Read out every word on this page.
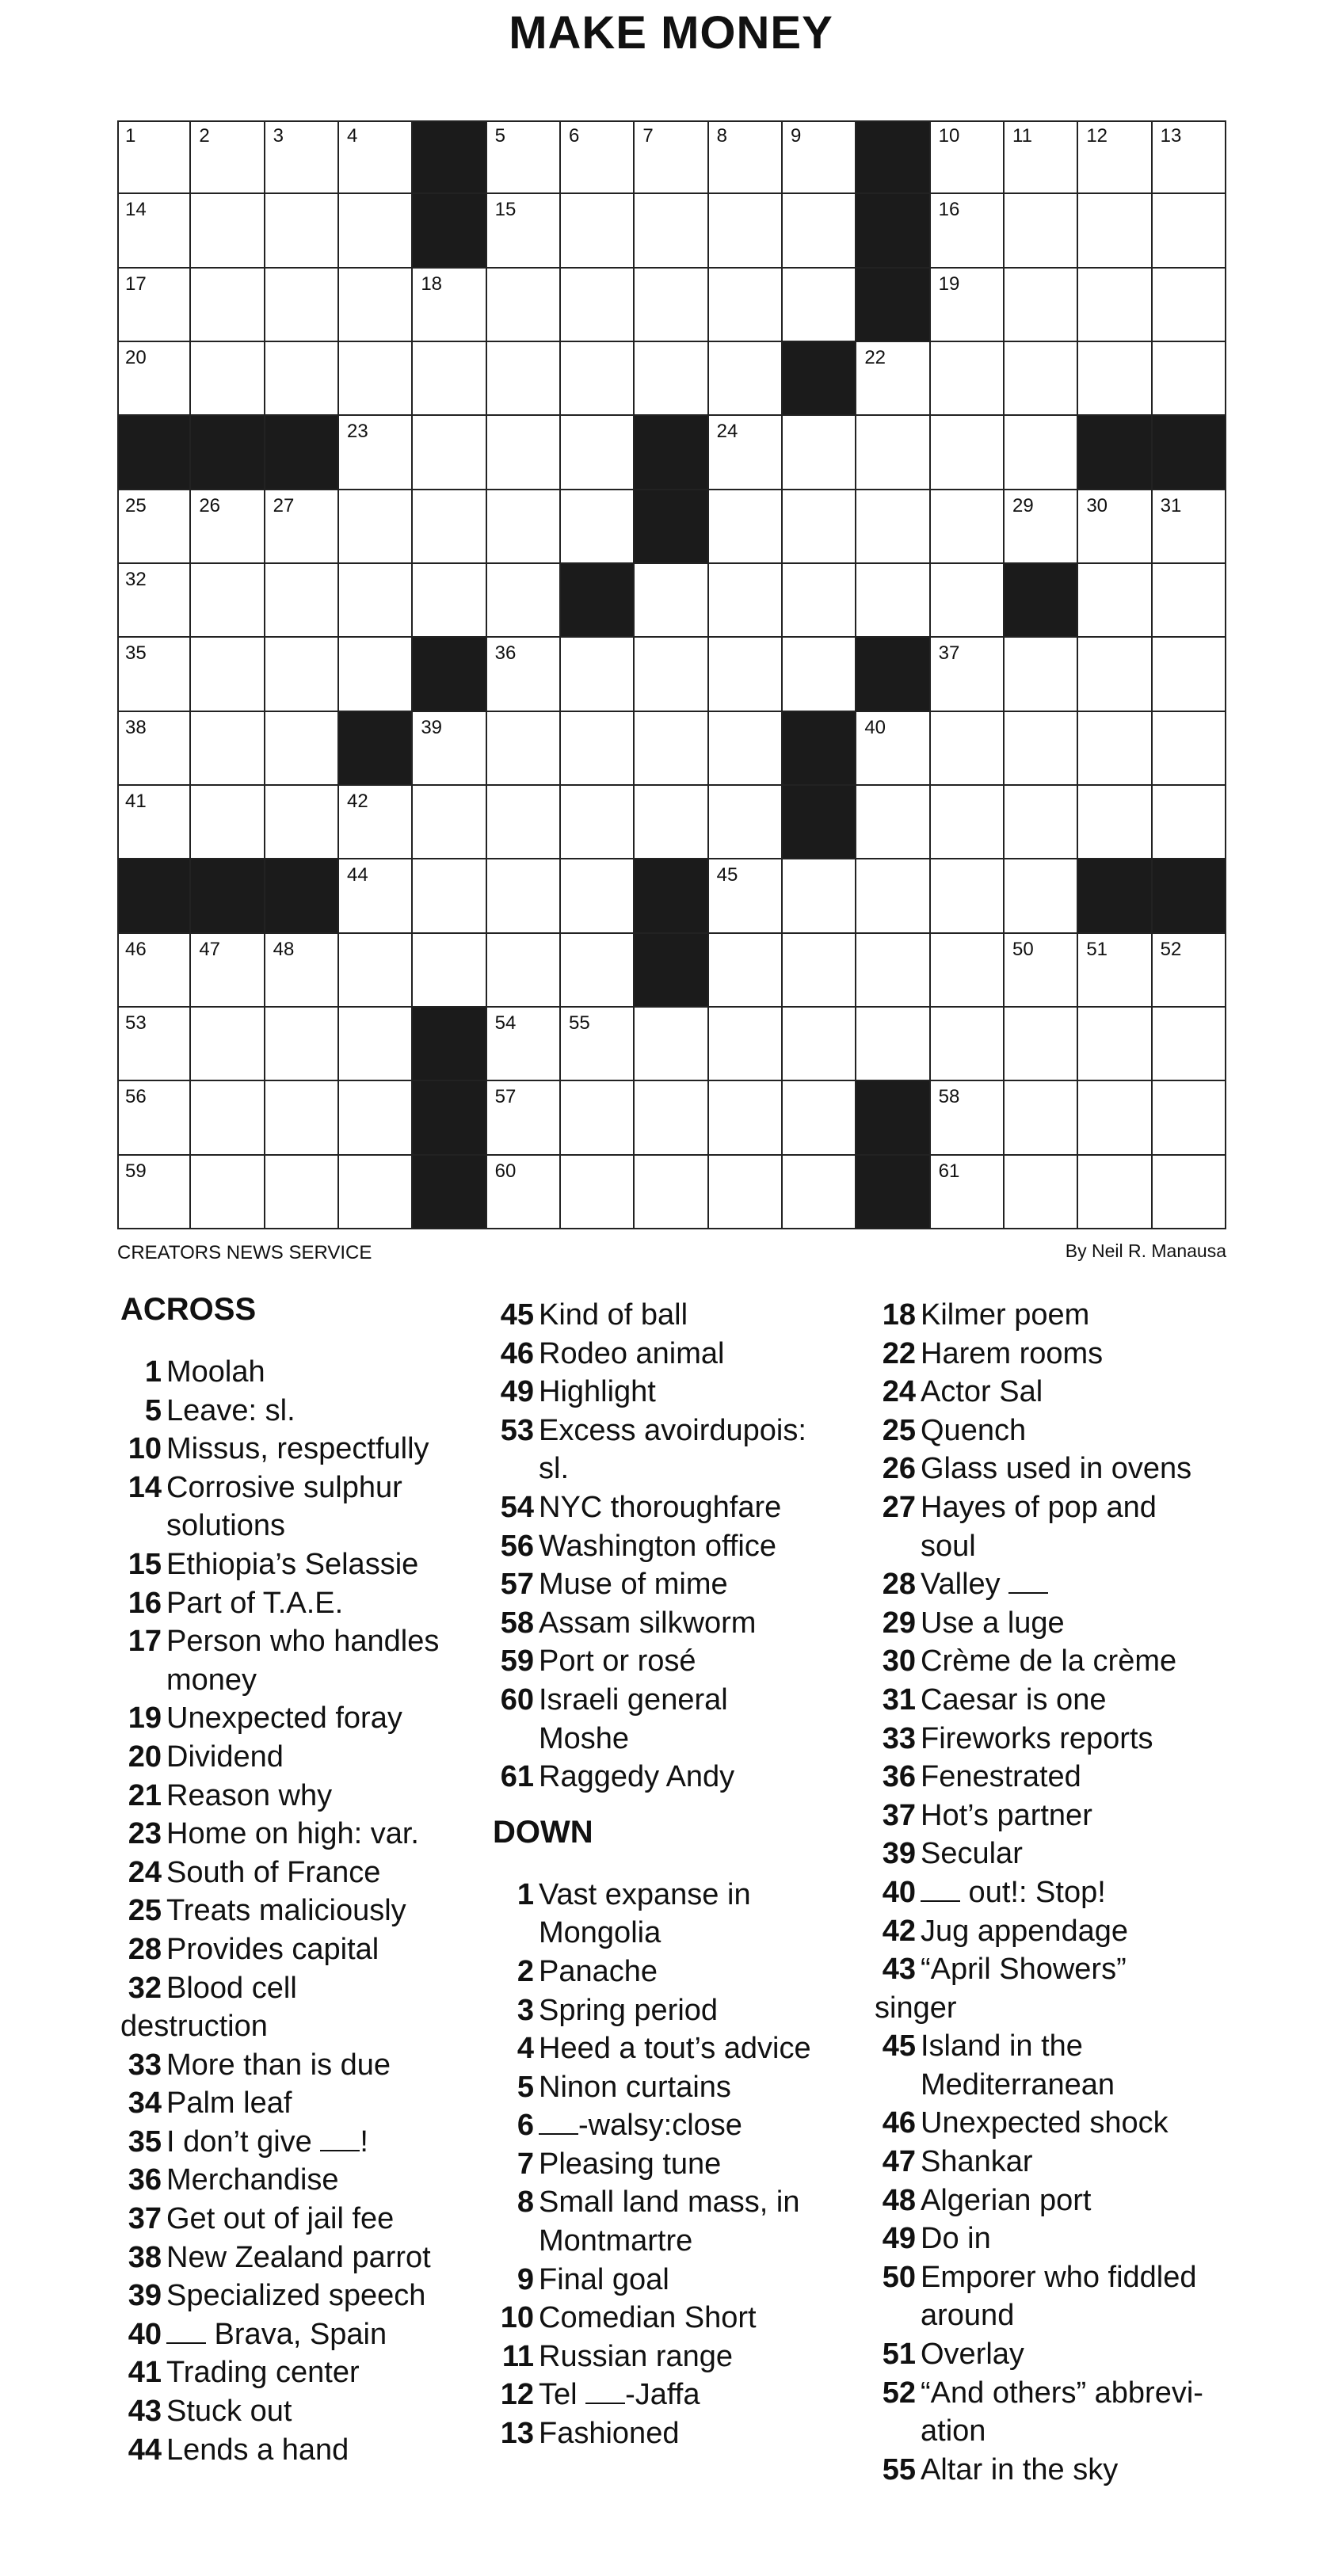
MAKE MONEY
1	2	3	4	5	6	7	8	9	10	11	12	13
14	15	16
17	18	19
20	22
23	24
25	26	27	29	30	31
32
35	36	37
38	39	40
41	42
44	45
46	47	48	50	51	52
53	54	55
56	57	58
59	60	61
CREATORS NEWS SERVICE	By Neil R. Manausa
ACROSS
1 Moolah
5 Leave: sl.
10 Missus, respectfully
14 Corrosive sulphur
solutions
15 Ethiopia’s Selassie
16 Part of T.A.E.
17 Person who handles
money
19 Unexpected foray
20 Dividend
21 Reason why
23 Home on high: var.
24 South of France
25 Treats maliciously
28 Provides capital
32 Blood cell
destruction
33 More than is due
34 Palm leaf
35 I don’t give !
36 Merchandise
37 Get out of jail fee
38 New Zealand parrot
39 Specialized speech
40 Brava, Spain
41 Trading center
43 Stuck out
44 Lends a hand
45 Kind of ball
46 Rodeo animal
49 Highlight
53 Excess avoirdupois:
sl.
54 NYC thoroughfare
56 Washington office
57 Muse of mime
58 Assam silkworm
59 Port or rosé
60 Israeli general
Moshe
61 Raggedy Andy
DOWN
1 Vast expanse in
Mongolia
2 Panache
3 Spring period
4 Heed a tout’s advice
5 Ninon curtains
6 -walsy:close
7 Pleasing tune
8 Small land mass, in
Montmartre
9 Final goal
10 Comedian Short
11 Russian range
12 Tel -Jaffa
13 Fashioned
18 Kilmer poem
22 Harem rooms
24 Actor Sal
25 Quench
26 Glass used in ovens
27 Hayes of pop and
soul
28 Valley
29 Use a luge
30 Crème de la crème
31 Caesar is one
33 Fireworks reports
36 Fenestrated
37 Hot’s partner
39 Secular
40 out!: Stop!
42 Jug appendage
43 “April Showers”
singer
45 Island in the
Mediterranean
46 Unexpected shock
47 Shankar
48 Algerian port
49 Do in
50 Emporer who fiddled
around
51 Overlay
52 “And others” abbrevi-
ation
55 Altar in the sky
